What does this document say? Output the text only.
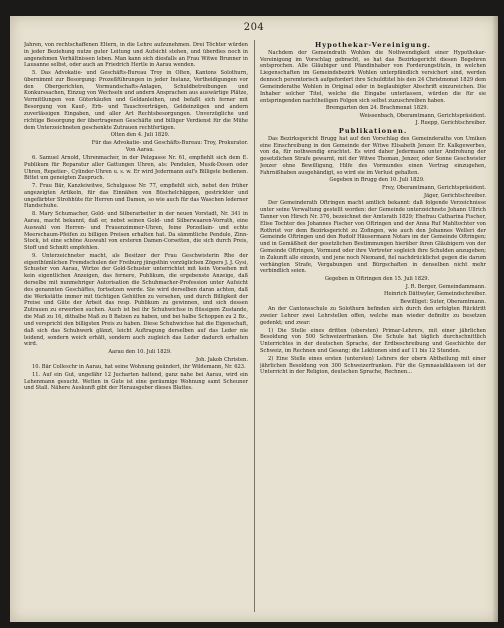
204

Jahren, von rechtschaffenen Eltern, in die Lehre aufzunehmen. Drei Töchter würden in jeder Beziehung nutze guter Leitung und Aufsicht stehen, und überdies noch in angenehmen Verhältnissen leben. Man kann sich diesfalls an Frau Witwe Brunner in Lausanne selbst, oder auch an Friedrich Hertle in Aarau wenden.

5. Das Advokatie- und Geschäfts-Bureau Troy in Olten, Kantons Solothurn, übernimmt zur Besorgung: Prozeßführungen in jeder Instanz, Vertheidigungen vor den Obergerichten, Vormundschafts-Anlagen, Schuldbetreibungen und Konkurssachen, Einzug von Wechseln und andern Ansprachen aus auswärtige Plätze, Vermittlungen von Güterkäufen und Geldanleihen, und befaßt sich ferner mit Besorgung von Kauf-, Erb- und Tauschverträgen, Geldeinzügen und andern zuverlässigen Eingaben, und aller Art Rechtsbesorgungen. Unverzügliche und richtige Besorgung der übertragenen Geschäfte und billiger Verdienst für die Mühe dem Unterzeichneten geschenkte Zutrauen rechtfertigen.

Olten den 4. Juli 1829.

Für das Advokatie- und Geschäfts-Bureau: Troy, Prokurator.

Von Aarau.

6. Samuel Arnold, Uhrenmacher, in der Pelzgasse Nr. 61, empfiehlt sich dem E. Publikum für Reparatur aller Gattungen Uhren, als: Pendulen, Musik-Dosen oder Uhren, Repetier-, Cylinder-Uhren u. s. w. Er wird Jedermann auf's Billigste bedienen. Bittet um geneigten Zuspruch.

7. Frau Bär, Kanzleiwitwe, Schulgasse Nr. 77, empfiehlt sich, nebst den früher angezeigten Artikeln, für das Einnähen von Büschelchäppen, gestrickter und ungefärbter Strohhüte für Herren und Damen, so wie auch für das Waschen lederner Handschuhe.

8. Mary Schumacher, Gold- und Silberarbeiter in der neuen Vorstadt, Nr. 341 in Aarau, macht bekannt, daß er, nebst seinen Gold- und Silberwaaren-Vorrath, eine Auswahl von Herren- und Frauenzimmer-Uhren, feine Porzellain- und echte Meerschaum-Pfeifen zu billigen Preisen erhalten hat. Da sämmtliche Pendule, Zinn-Stock, ist eine schöne Auswahl von ersteren Damen-Corsetten, die sich durch Preis, Stoff und Schnitt empfehlen.

9. Unterzeichneter macht, als Besitzer der Frau Geschwisterin Rhe der eigenthümlichen Fremdschulen der Freiburg jüngsthin vorzüglichen Zögers J. J. Gysi, Schuster von Aarau, Wirtze der Gold-Schuster unterrichtet mit kein Vorsehen mit kein eigentlichen Anzeigen, das fernere, Publikum, die ergebenste Anzeige, daß derselbe mit nunmehriger Autorisation die Schuhmacher-Profession unter Aufsicht des genannten Geschäftes, fortsetzen werde. Sie wird derselben daran achten, daß die Werkstätte immer mit tüchtigen Gehülfen zu versehen, und durch Billigkeit der Preise und Güte der Arbeit das resp. Publikum zu gewinnen, und sich dessen Zutrauen zu erwerben suchen. Auch ist bei ihr Schuhwichse in flüssigem Zustande, die Maß zu 16, dithalbe Maß zu 8 Batzen zu haben, und bei halbe Schoppen zu 2 Bz., und verspricht den billigsten Preis zu haben. Diese Schuhwichse hat die Eigenschaft, daß sich das Schuhwerk glänzt, leicht Auftragung derselben auf das Leder nie leidend, sondern weich erhält, sondern auch zugleich das Leder dadurch erhalten wird.

Aarau den 10. Juli 1829.

Joh. Jakob Christen.

10. Bär Colleschr in Aarau, hat seine Wohnung geändert, ihr Wildemann, Nr. 623.

11. Auf ein Gut, ungefähr 12 Jucharten haltend, ganz nahe bei Aarau, wird ein Lehenmann gesucht. Wetten in Gute ist eine geräumige Wohnung samt Scheuner und Stall. Nähere Auskunft gibt der Herausgeber dieses Blattes.

Hypothekar-Vereinigung.

Nachdem der Gemeindrath Wohlen die Nothwendigkeit einer Hypothekar-Vereinigung im Vorschlag gebracht, so hat das Bezirksgericht diesen Begehren entsprochen. Alle Gläubiger und Pfandinhaber von Forderungstiteln, in welchen Liegenschaften im Gemeindsbezirk Wohlen unterpfändlich versichert sind, werden dennoch peremtorisch aufgefordert ihre Schuldtitel bis den 24 Christmonat 1829 dem Gemeinderathe Wohlen in Original oder in beglaubigter Abschrift einzureichen. Die Inhaber solcher Titel, welche die Eingabe unterlassen, würden die für sie entspringenden nachtheiligen Folgen sich selbst zuzuschreiben haben.

Bremgarten den 24. Brachmonat 1829.

Weissenbach, Oberamtmann, Gerichtspräsident.

J. Ruepp, Gerichtschreiber.

Publikationen.

Das Bezirksgericht Brugg hat auf den Vorschlag des Gemeinderaths von Umiken eine Einschreibung in den Gemeinde der Witwe Elisabeth Jenzer. Er. Kalkgewerbes, von da, für nothwendig erachtet. Es wird daher Jedermann unter Androhung der gesetzlichen Strafe gewarnt, mit der Witwe Thoman, Jenzer, oder Sonne Geschwister Jenzer ohne Bewilligung, Hilfe des Vormundes einen Vertrag einzugehen, Fahrnißhaben ausgehändigt, so wird sie im Verlust gehalten.

Gegeben in Brugg den 10. Juli 1829.

Frey, Oberamtmann, Gerichtspräsident.

Jäger, Gerichtschreiber.

Der Gemeinderath Oftringen macht amtlich bekannt: daß folgende Verzeichnisse unter seine Verwaltung gestellt worden: der Gemeinde unterzeichnete Johann Ullrich Tanner von Hirsch Nr. 376, bezeichnet der Amtsrath 1829; Ehefrau Catharina Fischer, Elise Tochter des Johannes Fischer von Oftringen und der Anna Ruf Mahltochter von Rothrist vor dem Bezirksgericht zu Zofingen, wie auch den Johannes Welleri der Gemeinde Oftringen und den Rudolf Häusermann Notars im der Gemeinde Oftringen; und in Gemäßheit der gesetzlichen Bestimmungen hierüber ihren Gläubigern von der Gemeinde Oftringen, Vormund oder ihre Vertreter sogleich ihre Schulden anzugeben; in Zukunft alle einzeln, und jene noch Niemand, fiel nachdrücklichst gegen die darum verhängten Strafe, Vergabungen und Bürgschaften in denselben nicht mehr verbindlich seien.

Gegeben in Oftringen den 15. Juli 1829.

J. R. Berger, Gemeindammann.

Heinrich Dättwyler, Gemeindschreiber.

Bewilliget: Suter, Oberamtmann.

An der Cantonsschule zu Solothurn befinden sich durch den erfolgten Rücktritt zweier Lehrer zwei Lehrstellen offen, welche man wieder definitiv zu besetzen gedenkt; und zwar:

1) Die Stelle eines dritten (obersten) Primar-Lehrers, mit einer jährlichen Besoldung von 500 Schweizerfranken. Die Schule hat täglich durchschnittlich Unterrichtes in der deutschen Sprache, der Erdbeschreibung und Geschichte der Schweiz, im Rechnen und Gesang; die Lektionen sind auf 11 bis 12 Stunden.

2) Eine Stelle eines ersten (untersten) Lehrers der obern Abtheilung mit einer jährlichen Besoldung von 300 Schweizerfranken. Für die Gymnasialklassen ist der Unterricht in der Religion, deutschen Sprache, Rechnen...
